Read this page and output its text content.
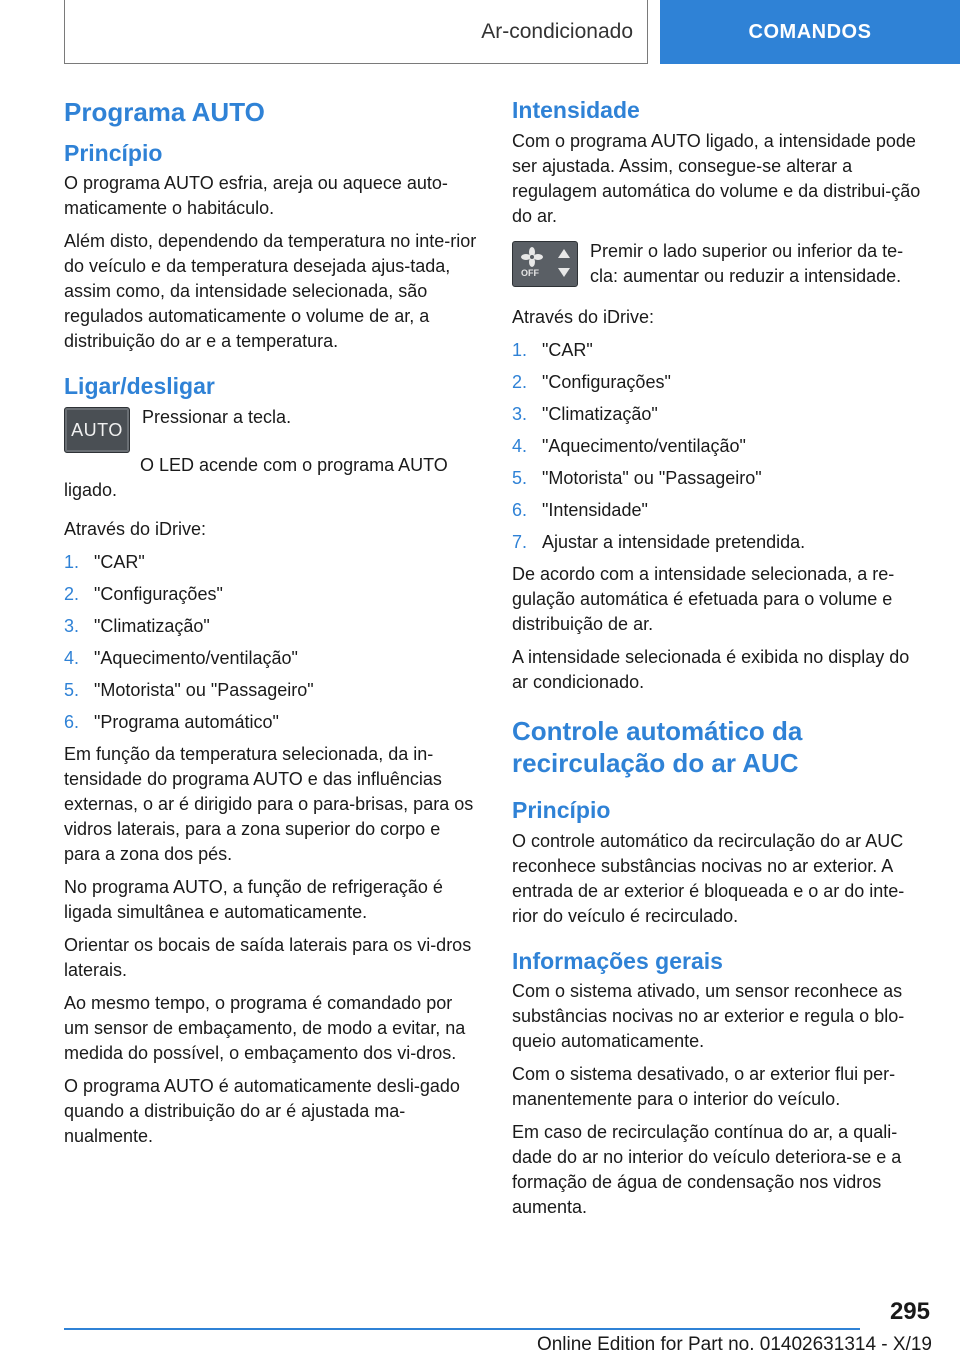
Ar-condicionado	COMANDOS
Programa AUTO
Princípio

O programa AUTO esfria, areja ou aquece auto-maticamente o habitáculo.

Além disto, dependendo da temperatura no inte-rior do veículo e da temperatura desejada ajus-tada, assim como, da intensidade selecionada, são regulados automaticamente o volume de ar, a distribuição do ar e a temperatura.

Ligar/desligar
AUTO

Pressionar a tecla.

O LED acende com o programa AUTO ligado.

Através do iDrive:

1. "CAR"
2. "Configurações"
3. "Climatização"
4. "Aquecimento/ventilação"
5. "Motorista" ou "Passageiro"
6. "Programa automático"

Em função da temperatura selecionada, da in-tensidade do programa AUTO e das influências externas, o ar é dirigido para o para-brisas, para os vidros laterais, para a zona superior do corpo e para a zona dos pés.

No programa AUTO, a função de refrigeração é ligada simultânea e automaticamente.

Orientar os bocais de saída laterais para os vi-dros laterais.

Ao mesmo tempo, o programa é comandado por um sensor de embaçamento, de modo a evitar, na medida do possível, o embaçamento dos vi-dros.

O programa AUTO é automaticamente desli-gado quando a distribuição do ar é ajustada ma-nualmente.

Intensidade

Com o programa AUTO ligado, a intensidade pode ser ajustada. Assim, consegue-se alterar a regulagem automática do volume e da distribui-ção do ar.

OFF

Premir o lado superior ou inferior da te-cla: aumentar ou reduzir a intensidade.

Através do iDrive:

1. "CAR"
2. "Configurações"
3. "Climatização"
4. "Aquecimento/ventilação"
5. "Motorista" ou "Passageiro"
6. "Intensidade"
7. Ajustar a intensidade pretendida.

De acordo com a intensidade selecionada, a re-gulação automática é efetuada para o volume e distribuição de ar.

A intensidade selecionada é exibida no display do ar condicionado.

Controle automático da recirculação do ar AUC
Princípio

O controle automático da recirculação do ar AUC reconhece substâncias nocivas no ar exterior. A entrada de ar exterior é bloqueada e o ar do inte-rior do veículo é recirculado.

Informações gerais

Com o sistema ativado, um sensor reconhece as substâncias nocivas no ar exterior e regula o blo-queio automaticamente.

Com o sistema desativado, o ar exterior flui per-manentemente para o interior do veículo.

Em caso de recirculação contínua do ar, a quali-dade do ar no interior do veículo deteriora-se e a formação de água de condensação nos vidros aumenta.

295
Online Edition for Part no. 01402631314 - X/19
